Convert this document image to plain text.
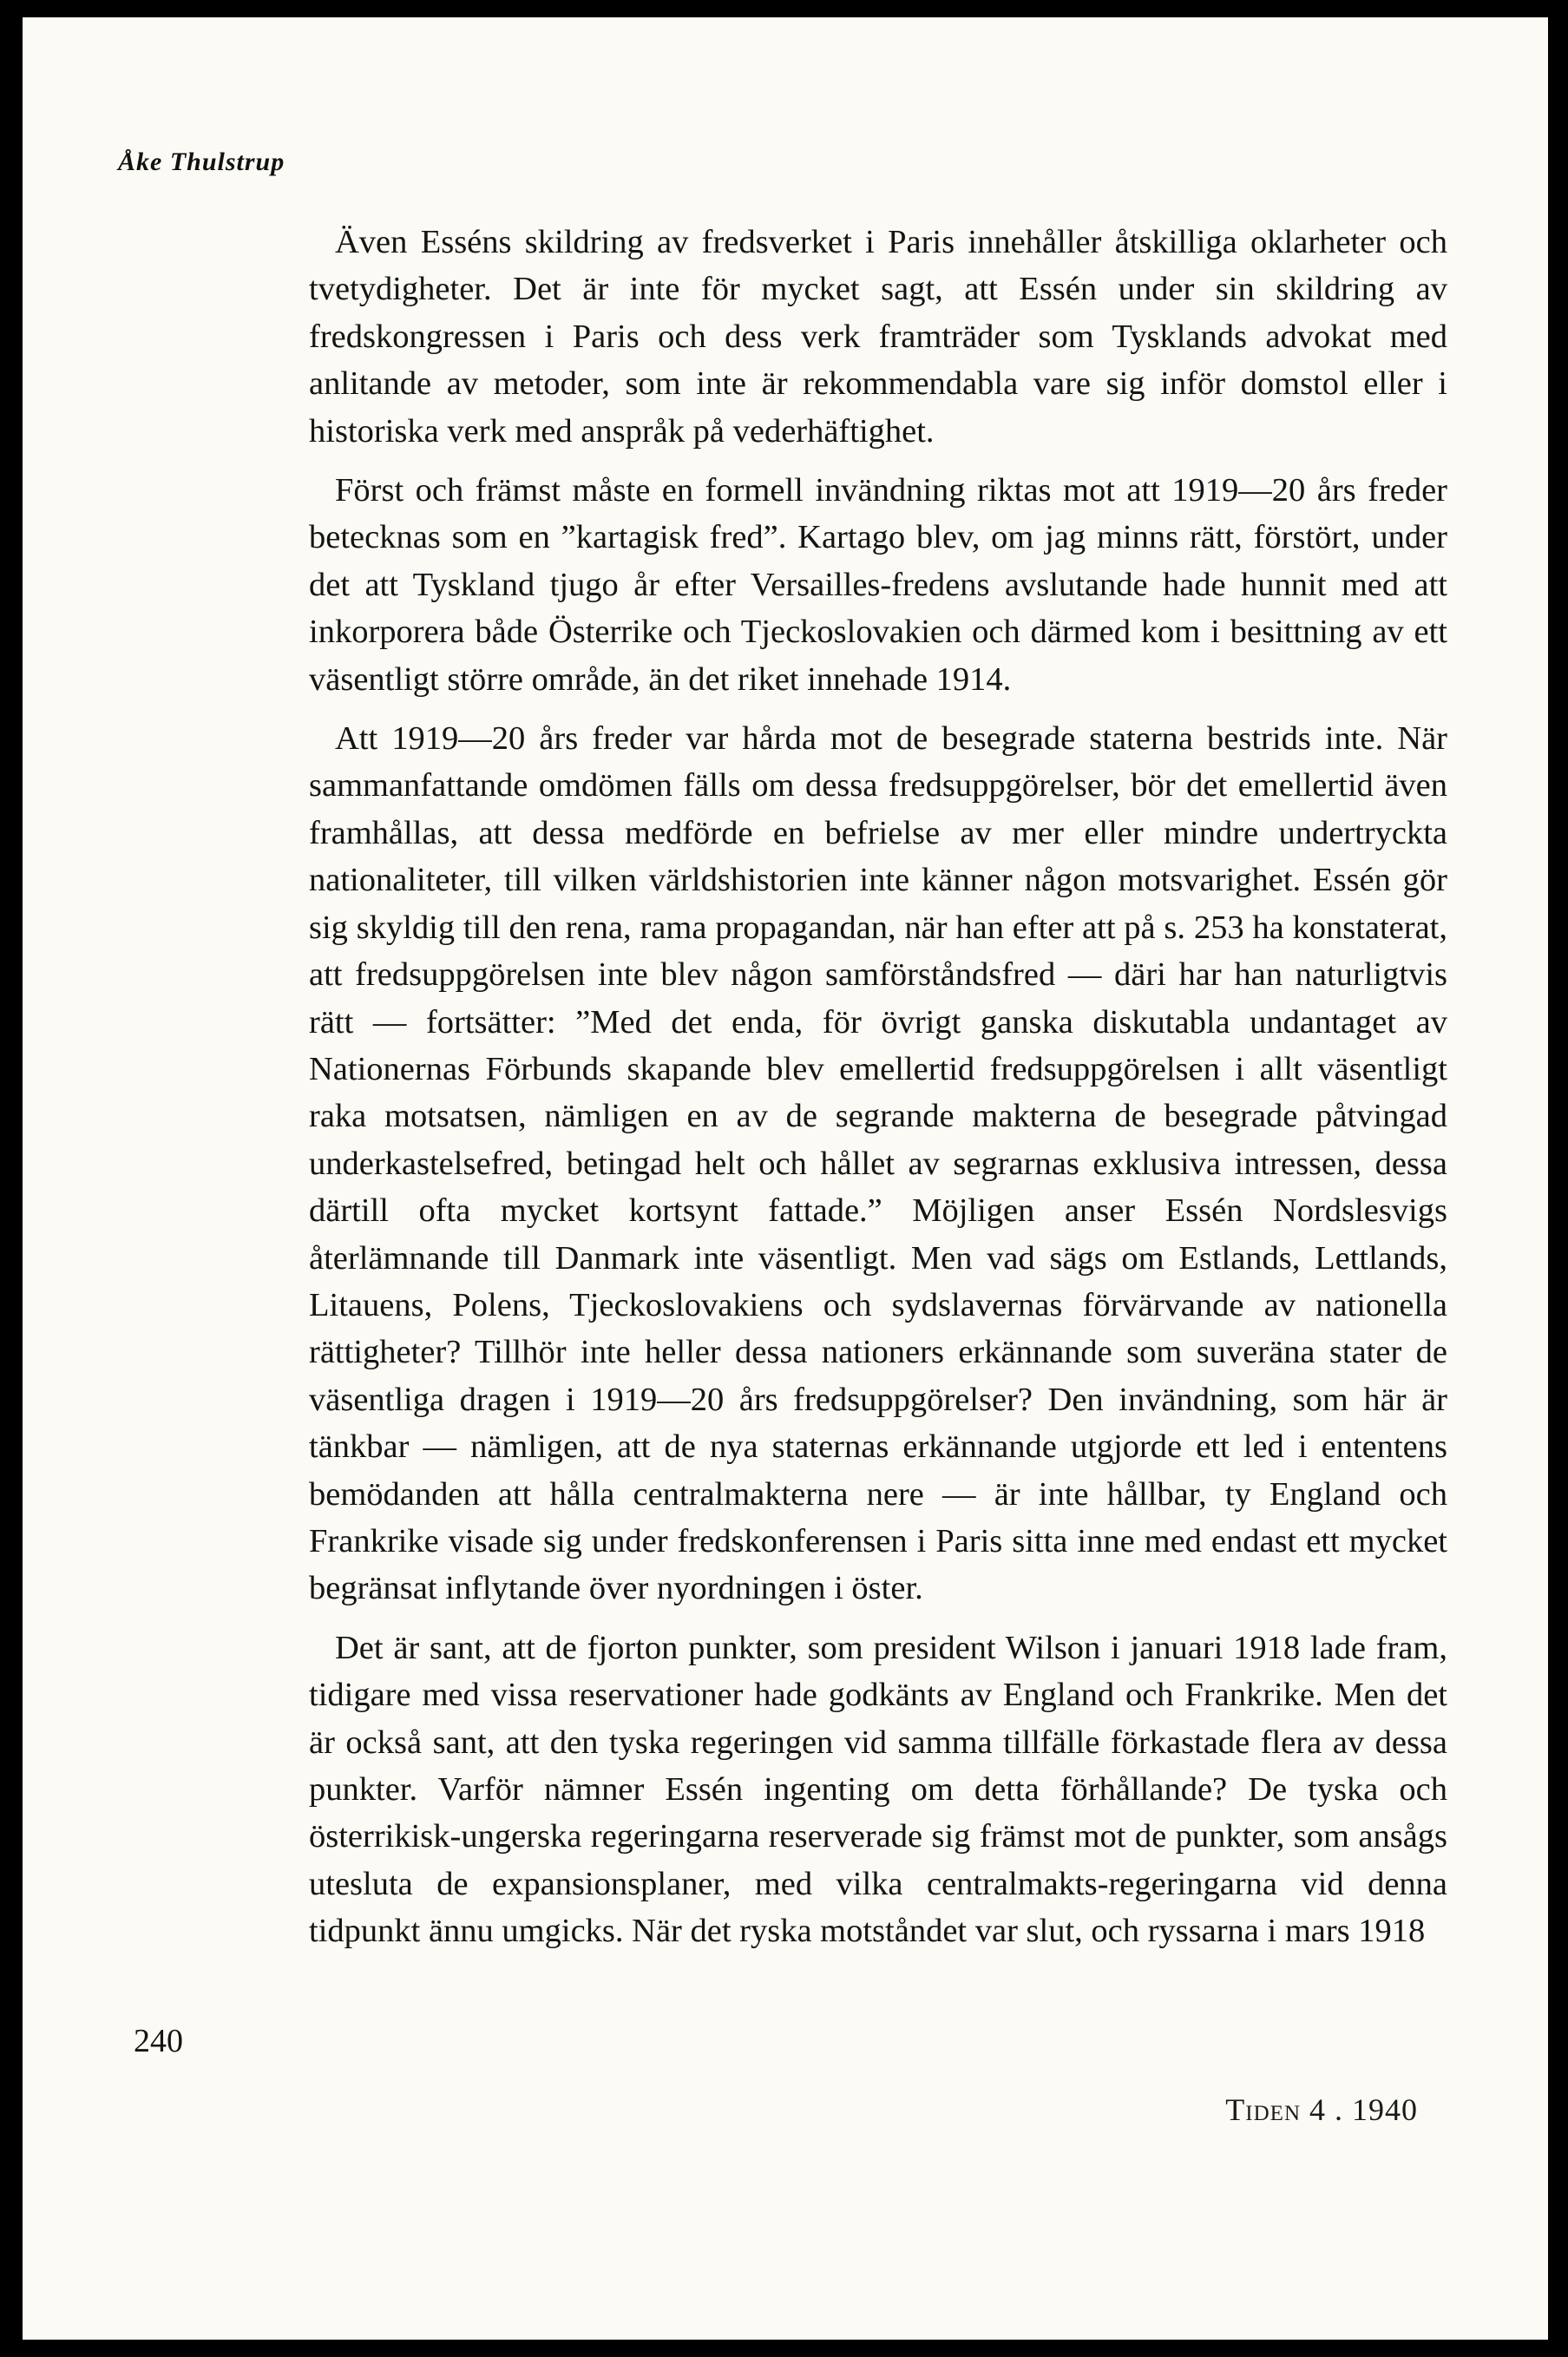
Åke Thulstrup

Även Esséns skildring av fredsverket i Paris innehåller åtskilliga oklarheter och tvetydigheter. Det är inte för mycket sagt, att Essén under sin skildring av fredskongressen i Paris och dess verk framträder som Tysklands advokat med anlitande av metoder, som inte är rekommendabla vare sig inför domstol eller i historiska verk med anspråk på vederhäftighet.

Först och främst måste en formell invändning riktas mot att 1919—20 års freder betecknas som en ”kartagisk fred”. Kartago blev, om jag minns rätt, förstört, under det att Tyskland tjugo år efter Versailles-fredens avslutande hade hunnit med att inkorporera både Österrike och Tjeckoslovakien och därmed kom i besittning av ett väsentligt större område, än det riket innehade 1914.

Att 1919—20 års freder var hårda mot de besegrade staterna bestrids inte. När sammanfattande omdömen fälls om dessa fredsuppgörelser, bör det emellertid även framhållas, att dessa medförde en befrielse av mer eller mindre undertryckta nationaliteter, till vilken världshistorien inte känner någon motsvarighet. Essén gör sig skyldig till den rena, rama propagandan, när han efter att på s. 253 ha konstaterat, att fredsuppgörelsen inte blev någon samförståndsfred — däri har han naturligtvis rätt — fortsätter: ”Med det enda, för övrigt ganska diskutabla undantaget av Nationernas Förbunds skapande blev emellertid fredsuppgörelsen i allt väsentligt raka motsatsen, nämligen en av de segrande makterna de besegrade påtvingad underkastelsefred, betingad helt och hållet av segrarnas exklusiva intressen, dessa därtill ofta mycket kortsynt fattade.” Möjligen anser Essén Nordslesvigs återlämnande till Danmark inte väsentligt. Men vad sägs om Estlands, Lettlands, Litauens, Polens, Tjeckoslovakiens och sydslavernas förvärvande av nationella rättigheter? Tillhör inte heller dessa nationers erkännande som suveräna stater de väsentliga dragen i 1919—20 års fredsuppgörelser? Den invändning, som här är tänkbar — nämligen, att de nya staternas erkännande utgjorde ett led i ententens bemödanden att hålla centralmakterna nere — är inte hållbar, ty England och Frankrike visade sig under fredskonferensen i Paris sitta inne med endast ett mycket begränsat inflytande över nyordningen i öster.

Det är sant, att de fjorton punkter, som president Wilson i januari 1918 lade fram, tidigare med vissa reservationer hade godkänts av England och Frankrike. Men det är också sant, att den tyska regeringen vid samma tillfälle förkastade flera av dessa punkter. Varför nämner Essén ingenting om detta förhållande? De tyska och österrikisk-ungerska regeringarna reserverade sig främst mot de punkter, som ansågs utesluta de expansionsplaner, med vilka centralmakts-regeringarna vid denna tidpunkt ännu umgicks. När det ryska motståndet var slut, och ryssarna i mars 1918

240
Tiden 4 . 1940
